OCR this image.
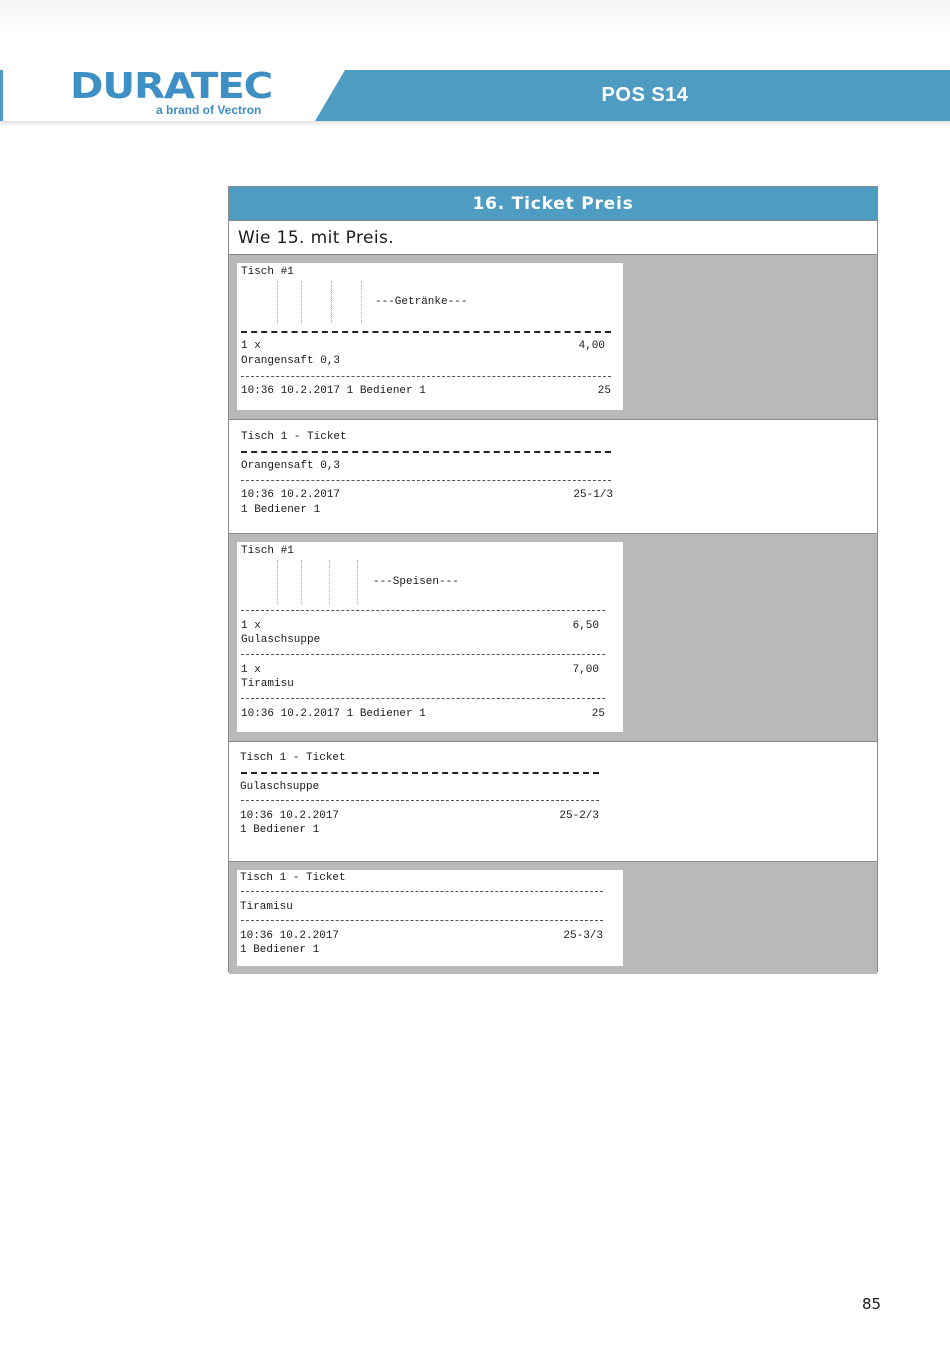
DURATEC
a brand of Vectron
POS S14
16. Ticket Preis
Wie 15. mit Preis.
Tisch #1
---Getränke---
1 x	4,00
Orangensaft 0,3
10:36 10.2.2017 1 Bediener 1	25
Tisch 1 - Ticket
Orangensaft 0,3
10:36 10.2.2017	25-1/3
1 Bediener 1
Tisch #1
---Speisen---
1 x	6,50
Gulaschsuppe
1 x	7,00
Tiramisu
10:36 10.2.2017 1 Bediener 1	25
Tisch 1 - Ticket
Gulaschsuppe
10:36 10.2.2017	25-2/3
1 Bediener 1
Tisch 1 - Ticket
Tiramisu
10:36 10.2.2017	25-3/3
1 Bediener 1
85
